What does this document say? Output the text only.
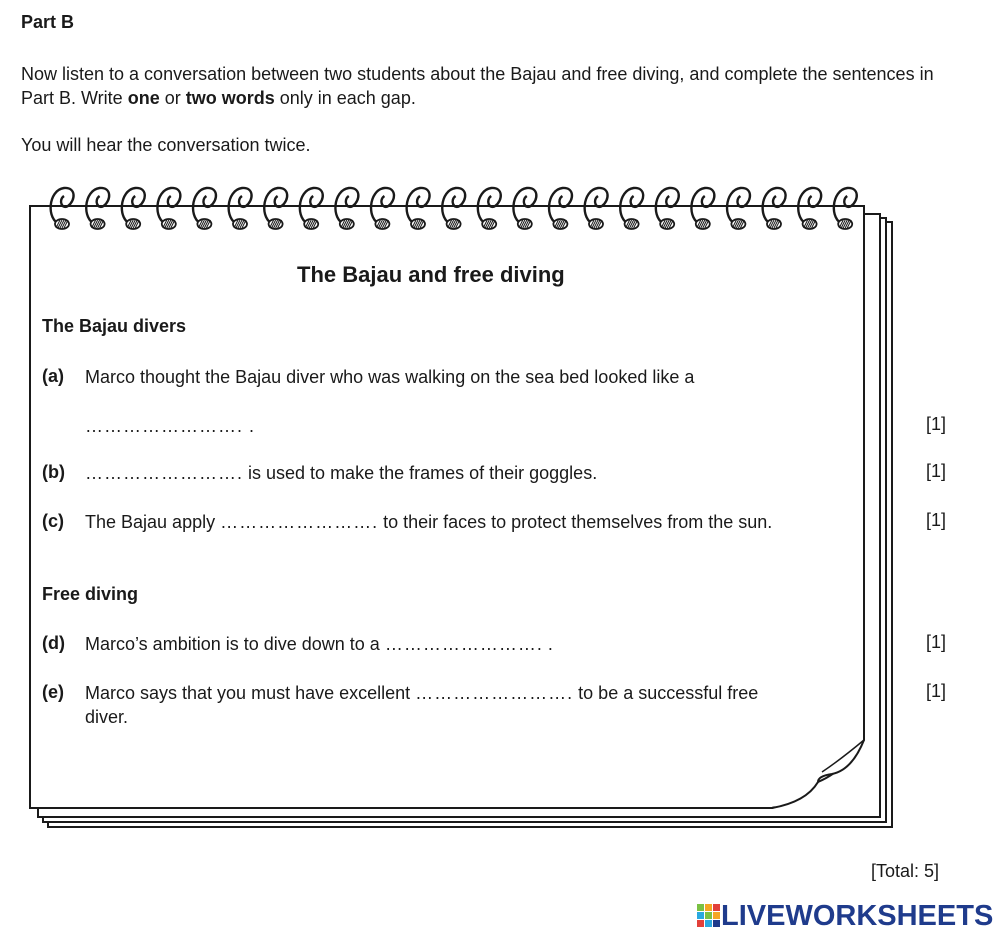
Part B
Now listen to a conversation between two students about the Bajau and free diving, and complete the sentences in Part B. Write one or two words only in each gap.
You will hear the conversation twice.
The Bajau and free diving
The Bajau divers
(a) Marco thought the Bajau diver who was walking on the sea bed looked like a
……………………. .	[1]
(b) ……………………. is used to make the frames of their goggles.	[1]
(c) The Bajau apply ……………………. to their faces to protect themselves from the sun.	[1]
Free diving
(d) Marco’s ambition is to dive down to a ……………………. .	[1]
(e) Marco says that you must have excellent ……………………. to be a successful free
diver.
[1]
[Total: 5]
LIVEWORKSHEETS
